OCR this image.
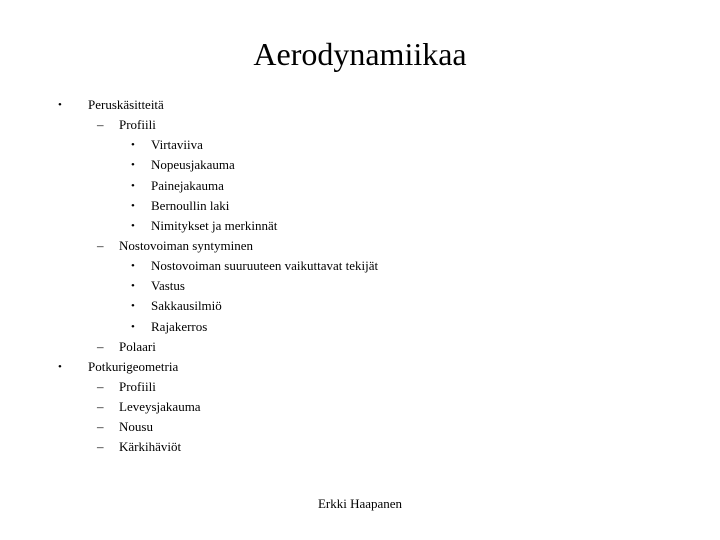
Aerodynamiikaa
• Peruskäsitteitä
– Profiili
• Virtaviiva
• Nopeusjakauma
• Painejakauma
• Bernoullin laki
• Nimitykset ja merkinnät
– Nostovoiman syntyminen
• Nostovoiman suuruuteen vaikuttavat tekijät
• Vastus
• Sakkausilmiö
• Rajakerros
– Polaari
• Potkurigeometria
– Profiili
– Leveysjakauma
– Nousu
– Kärkihäviöt
Erkki Haapanen
